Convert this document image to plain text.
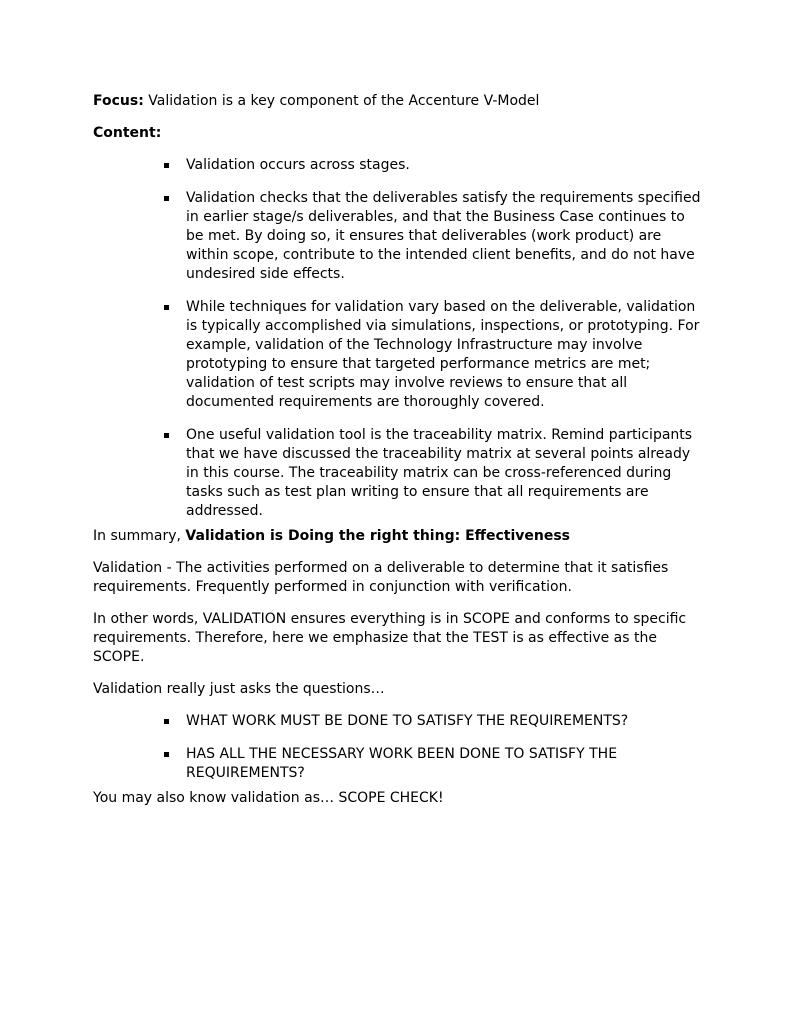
Focus: Validation is a key component of the Accenture V-Model

Content:

Validation occurs across stages.
Validation checks that the deliverables satisfy the requirements specified in earlier stage/s deliverables, and that the Business Case continues to be met. By doing so, it ensures that deliverables (work product) are within scope, contribute to the intended client benefits, and do not have undesired side effects.
While techniques for validation vary based on the deliverable, validation is typically accomplished via simulations, inspections, or prototyping. For example, validation of the Technology Infrastructure may involve prototyping to ensure that targeted performance metrics are met; validation of test scripts may involve reviews to ensure that all documented requirements are thoroughly covered.
One useful validation tool is the traceability matrix. Remind participants that we have discussed the traceability matrix at several points already in this course. The traceability matrix can be cross-referenced during tasks such as test plan writing to ensure that all requirements are addressed.

In summary, Validation is Doing the right thing: Effectiveness

Validation - The activities performed on a deliverable to determine that it satisfies requirements. Frequently performed in conjunction with verification.

In other words, VALIDATION ensures everything is in SCOPE and conforms to specific requirements. Therefore, here we emphasize that the TEST is as effective as the SCOPE.

Validation really just asks the questions…

WHAT WORK MUST BE DONE TO SATISFY THE REQUIREMENTS?
HAS ALL THE NECESSARY WORK BEEN DONE TO SATISFY THE REQUIREMENTS?

You may also know validation as… SCOPE CHECK!
